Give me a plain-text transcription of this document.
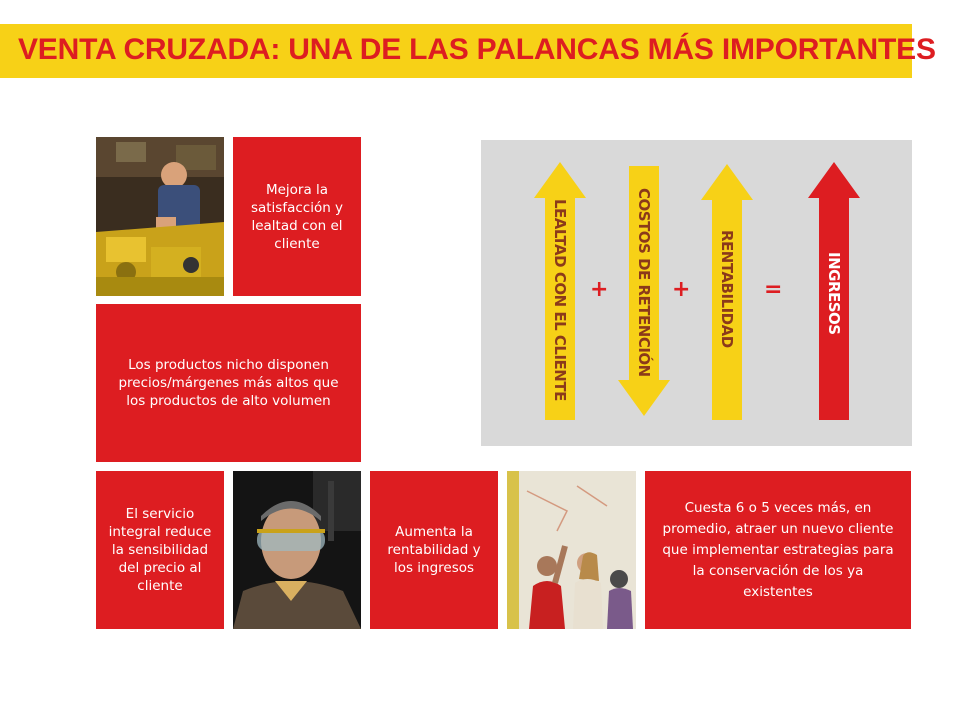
VENTA CRUZADA: UNA DE LAS PALANCAS MÁS IMPORTANTES
Mejora la satisfacción y lealtad con el cliente
Los productos nicho disponen precios/márgenes más altos que los productos de alto volumen
El servicio integral reduce la sensibilidad del precio al cliente
Aumenta la rentabilidad y los ingresos
Cuesta 6 o 5 veces más, en promedio, atraer un nuevo cliente que implementar estrategias para la conservación de los ya existentes
LEALTAD CON EL CLIENTE	COSTOS DE RETENCIÓN	RENTABILIDAD	INGRESOS
+	+	=
